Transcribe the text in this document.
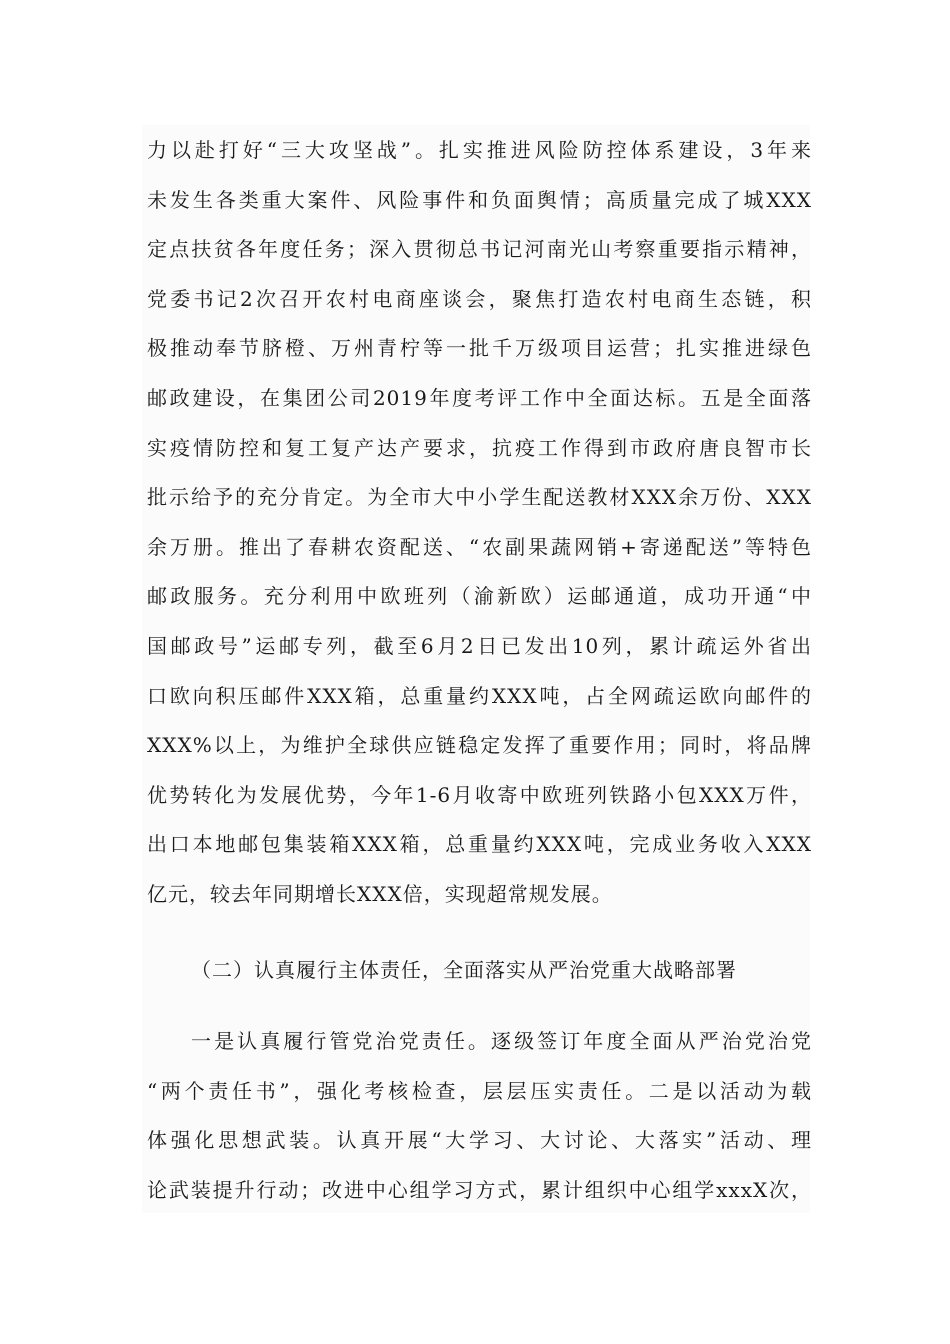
力以赴打好“三大攻坚战”。扎实推进风险防控体系建设，3年来
未发生各类重大案件、风险事件和负面舆情；高质量完成了城XXX
定点扶贫各年度任务；深入贯彻总书记河南光山考察重要指示精神，
党委书记2次召开农村电商座谈会，聚焦打造农村电商生态链，积
极推动奉节脐橙、万州青柠等一批千万级项目运营；扎实推进绿色
邮政建设，在集团公司2019年度考评工作中全面达标。五是全面落
实疫情防控和复工复产达产要求，抗疫工作得到市政府唐良智市长
批示给予的充分肯定。为全市大中小学生配送教材XXX余万份、XXX
余万册。推出了春耕农资配送、“农副果蔬网销+寄递配送”等特色
邮政服务。充分利用中欧班列（渝新欧）运邮通道，成功开通“中
国邮政号”运邮专列，截至6月2日已发出10列，累计疏运外省出
口欧向积压邮件XXX箱，总重量约XXX吨，占全网疏运欧向邮件的
XXX%以上，为维护全球供应链稳定发挥了重要作用；同时，将品牌
优势转化为发展优势，今年1-6月收寄中欧班列铁路小包XXX万件，
出口本地邮包集装箱XXX箱，总重量约XXX吨，完成业务收入XXX
亿元，较去年同期增长XXX倍，实现超常规发展。
（二）认真履行主体责任，全面落实从严治党重大战略部署
一是认真履行管党治党责任。逐级签订年度全面从严治党治党
“两个责任书”，强化考核检查，层层压实责任。二是以活动为载
体强化思想武装。认真开展“大学习、大讨论、大落实”活动、理
论武装提升行动；改进中心组学习方式，累计组织中心组学xxxX次，
